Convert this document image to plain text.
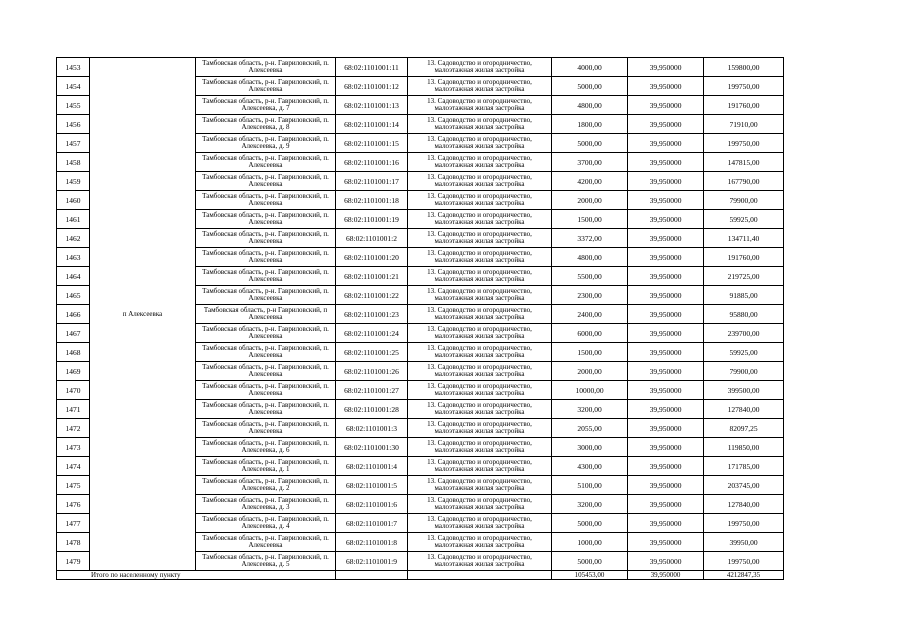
1453	п Алексеевка	Тамбовская область, р-н. Гавриловский, п. Алексеевка	68:02:1101001:11	13. Садоводство и огородничество, малоэтажная жилая застройка	4000,00	39,950000	159800,00
1454		Тамбовская область, р-н. Гавриловский, п. Алексеевка	68:02:1101001:12	13. Садоводство и огородничество, малоэтажная жилая застройка	5000,00	39,950000	199750,00
1455		Тамбовская область, р-н. Гавриловский, п. Алексеевка, д. 7	68:02:1101001:13	13. Садоводство и огородничество, малоэтажная жилая застройка	4800,00	39,950000	191760,00
1456		Тамбовская область, р-н. Гавриловский, п. Алексеевка, д. 8	68:02:1101001:14	13. Садоводство и огородничество, малоэтажная жилая застройка	1800,00	39,950000	71910,00
1457		Тамбовская область, р-н. Гавриловский, п. Алексеевка, д. 9	68:02:1101001:15	13. Садоводство и огородничество, малоэтажная жилая застройка	5000,00	39,950000	199750,00
1458		Тамбовская область, р-н. Гавриловский, п. Алексеевка	68:02:1101001:16	13. Садоводство и огородничество, малоэтажная жилая застройка	3700,00	39,950000	147815,00
1459		Тамбовская область, р-н. Гавриловский, п. Алексеевка	68:02:1101001:17	13. Садоводство и огородничество, малоэтажная жилая застройка	4200,00	39,950000	167790,00
1460		Тамбовская область, р-н. Гавриловский, п. Алексеевка	68:02:1101001:18	13. Садоводство и огородничество, малоэтажная жилая застройка	2000,00	39,950000	79900,00
1461		Тамбовская область, р-н. Гавриловский, п. Алексеевка	68:02:1101001:19	13. Садоводство и огородничество, малоэтажная жилая застройка	1500,00	39,950000	59925,00
1462		Тамбовская область, р-н. Гавриловский, п. Алексеевка	68:02:1101001:2	13. Садоводство и огородничество, малоэтажная жилая застройка	3372,00	39,950000	134711,40
1463		Тамбовская область, р-н. Гавриловский, п. Алексеевка	68:02:1101001:20	13. Садоводство и огородничество, малоэтажная жилая застройка	4800,00	39,950000	191760,00
1464		Тамбовская область, р-н. Гавриловский, п. Алексеевка	68:02:1101001:21	13. Садоводство и огородничество, малоэтажная жилая застройка	5500,00	39,950000	219725,00
1465		Тамбовская область, р-н. Гавриловский, п. Алексеевка	68:02:1101001:22	13. Садоводство и огородничество, малоэтажная жилая застройка	2300,00	39,950000	91885,00
1466		Тамбовская область, р-н Гавриловский, п Алексеевка	68:02:1101001:23	13. Садоводство и огородничество, малоэтажная жилая застройка	2400,00	39,950000	95880,00
1467		Тамбовская область, р-н. Гавриловский, п. Алексеевка	68:02:1101001:24	13. Садоводство и огородничество, малоэтажная жилая застройка	6000,00	39,950000	239700,00
1468		Тамбовская область, р-н. Гавриловский, п. Алексеевка	68:02:1101001:25	13. Садоводство и огородничество, малоэтажная жилая застройка	1500,00	39,950000	59925,00
1469		Тамбовская область, р-н. Гавриловский, п. Алексеевка	68:02:1101001:26	13. Садоводство и огородничество, малоэтажная жилая застройка	2000,00	39,950000	79900,00
1470		Тамбовская область, р-н. Гавриловский, п. Алексеевка	68:02:1101001:27	13. Садоводство и огородничество, малоэтажная жилая застройка	10000,00	39,950000	399500,00
1471		Тамбовская область, р-н. Гавриловский, п. Алексеевка	68:02:1101001:28	13. Садоводство и огородничество, малоэтажная жилая застройка	3200,00	39,950000	127840,00
1472		Тамбовская область, р-н. Гавриловский, п. Алексеевка	68:02:1101001:3	13. Садоводство и огородничество, малоэтажная жилая застройка	2055,00	39,950000	82097,25
1473		Тамбовская область, р-н. Гавриловский, п. Алексеевка, д. 6	68:02:1101001:30	13. Садоводство и огородничество, малоэтажная жилая застройка	3000,00	39,950000	119850,00
1474		Тамбовская область, р-н. Гавриловский, п. Алексеевка, д. 1	68:02:1101001:4	13. Садоводство и огородничество, малоэтажная жилая застройка	4300,00	39,950000	171785,00
1475		Тамбовская область, р-н. Гавриловский, п. Алексеевка, д. 2	68:02:1101001:5	13. Садоводство и огородничество, малоэтажная жилая застройка	5100,00	39,950000	203745,00
1476		Тамбовская область, р-н. Гавриловский, п. Алексеевка, д. 3	68:02:1101001:6	13. Садоводство и огородничество, малоэтажная жилая застройка	3200,00	39,950000	127840,00
1477		Тамбовская область, р-н. Гавриловский, п. Алексеевка, д. 4	68:02:1101001:7	13. Садоводство и огородничество, малоэтажная жилая застройка	5000,00	39,950000	199750,00
1478		Тамбовская область, р-н. Гавриловский, п. Алексеевка	68:02:1101001:8	13. Садоводство и огородничество, малоэтажная жилая застройка	1000,00	39,950000	39950,00
1479		Тамбовская область, р-н. Гавриловский, п. Алексеевка, д. 5	68:02:1101001:9	13. Садоводство и огородничество, малоэтажная жилая застройка	5000,00	39,950000	199750,00
Итого по населенному пункту					105453,00	39,950000	4212847,35
